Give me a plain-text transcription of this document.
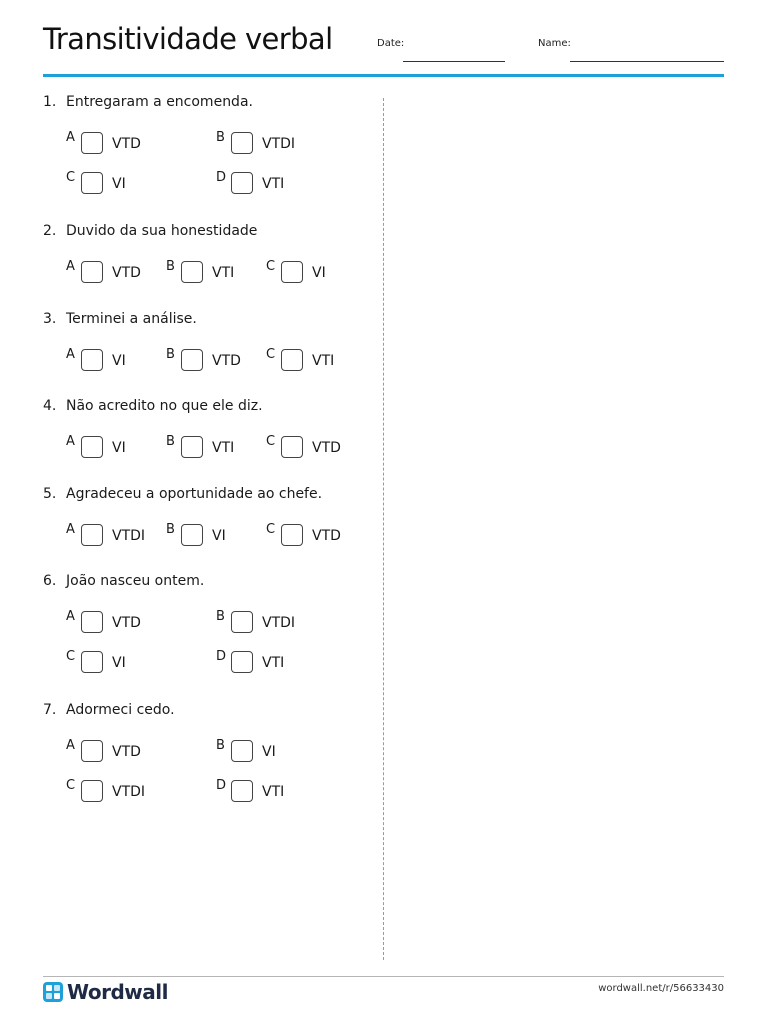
Transitividade verbal	Date:	Name:
1. Entregaram a encomenda.
A	VTD	B	VTDI
C	VI	D	VTI
2. Duvido da sua honestidade
A	VTD B	VTI C	VI
3. Terminei a análise.
A	VI	B	VTD C	VTI
4. Não acredito no que ele diz.
A	VI	B	VTI C	VTD
5. Agradeceu a oportunidade ao chefe.
A	VTDI B	VI	C	VTD
6. João nasceu ontem.
A	VTD	B	VTDI
C	VI	D	VTI
7. Adormeci cedo.
A	VTD	B	VI
C	VTDI	D	VTI
Wordwall	wordwall.net/r/56633430
